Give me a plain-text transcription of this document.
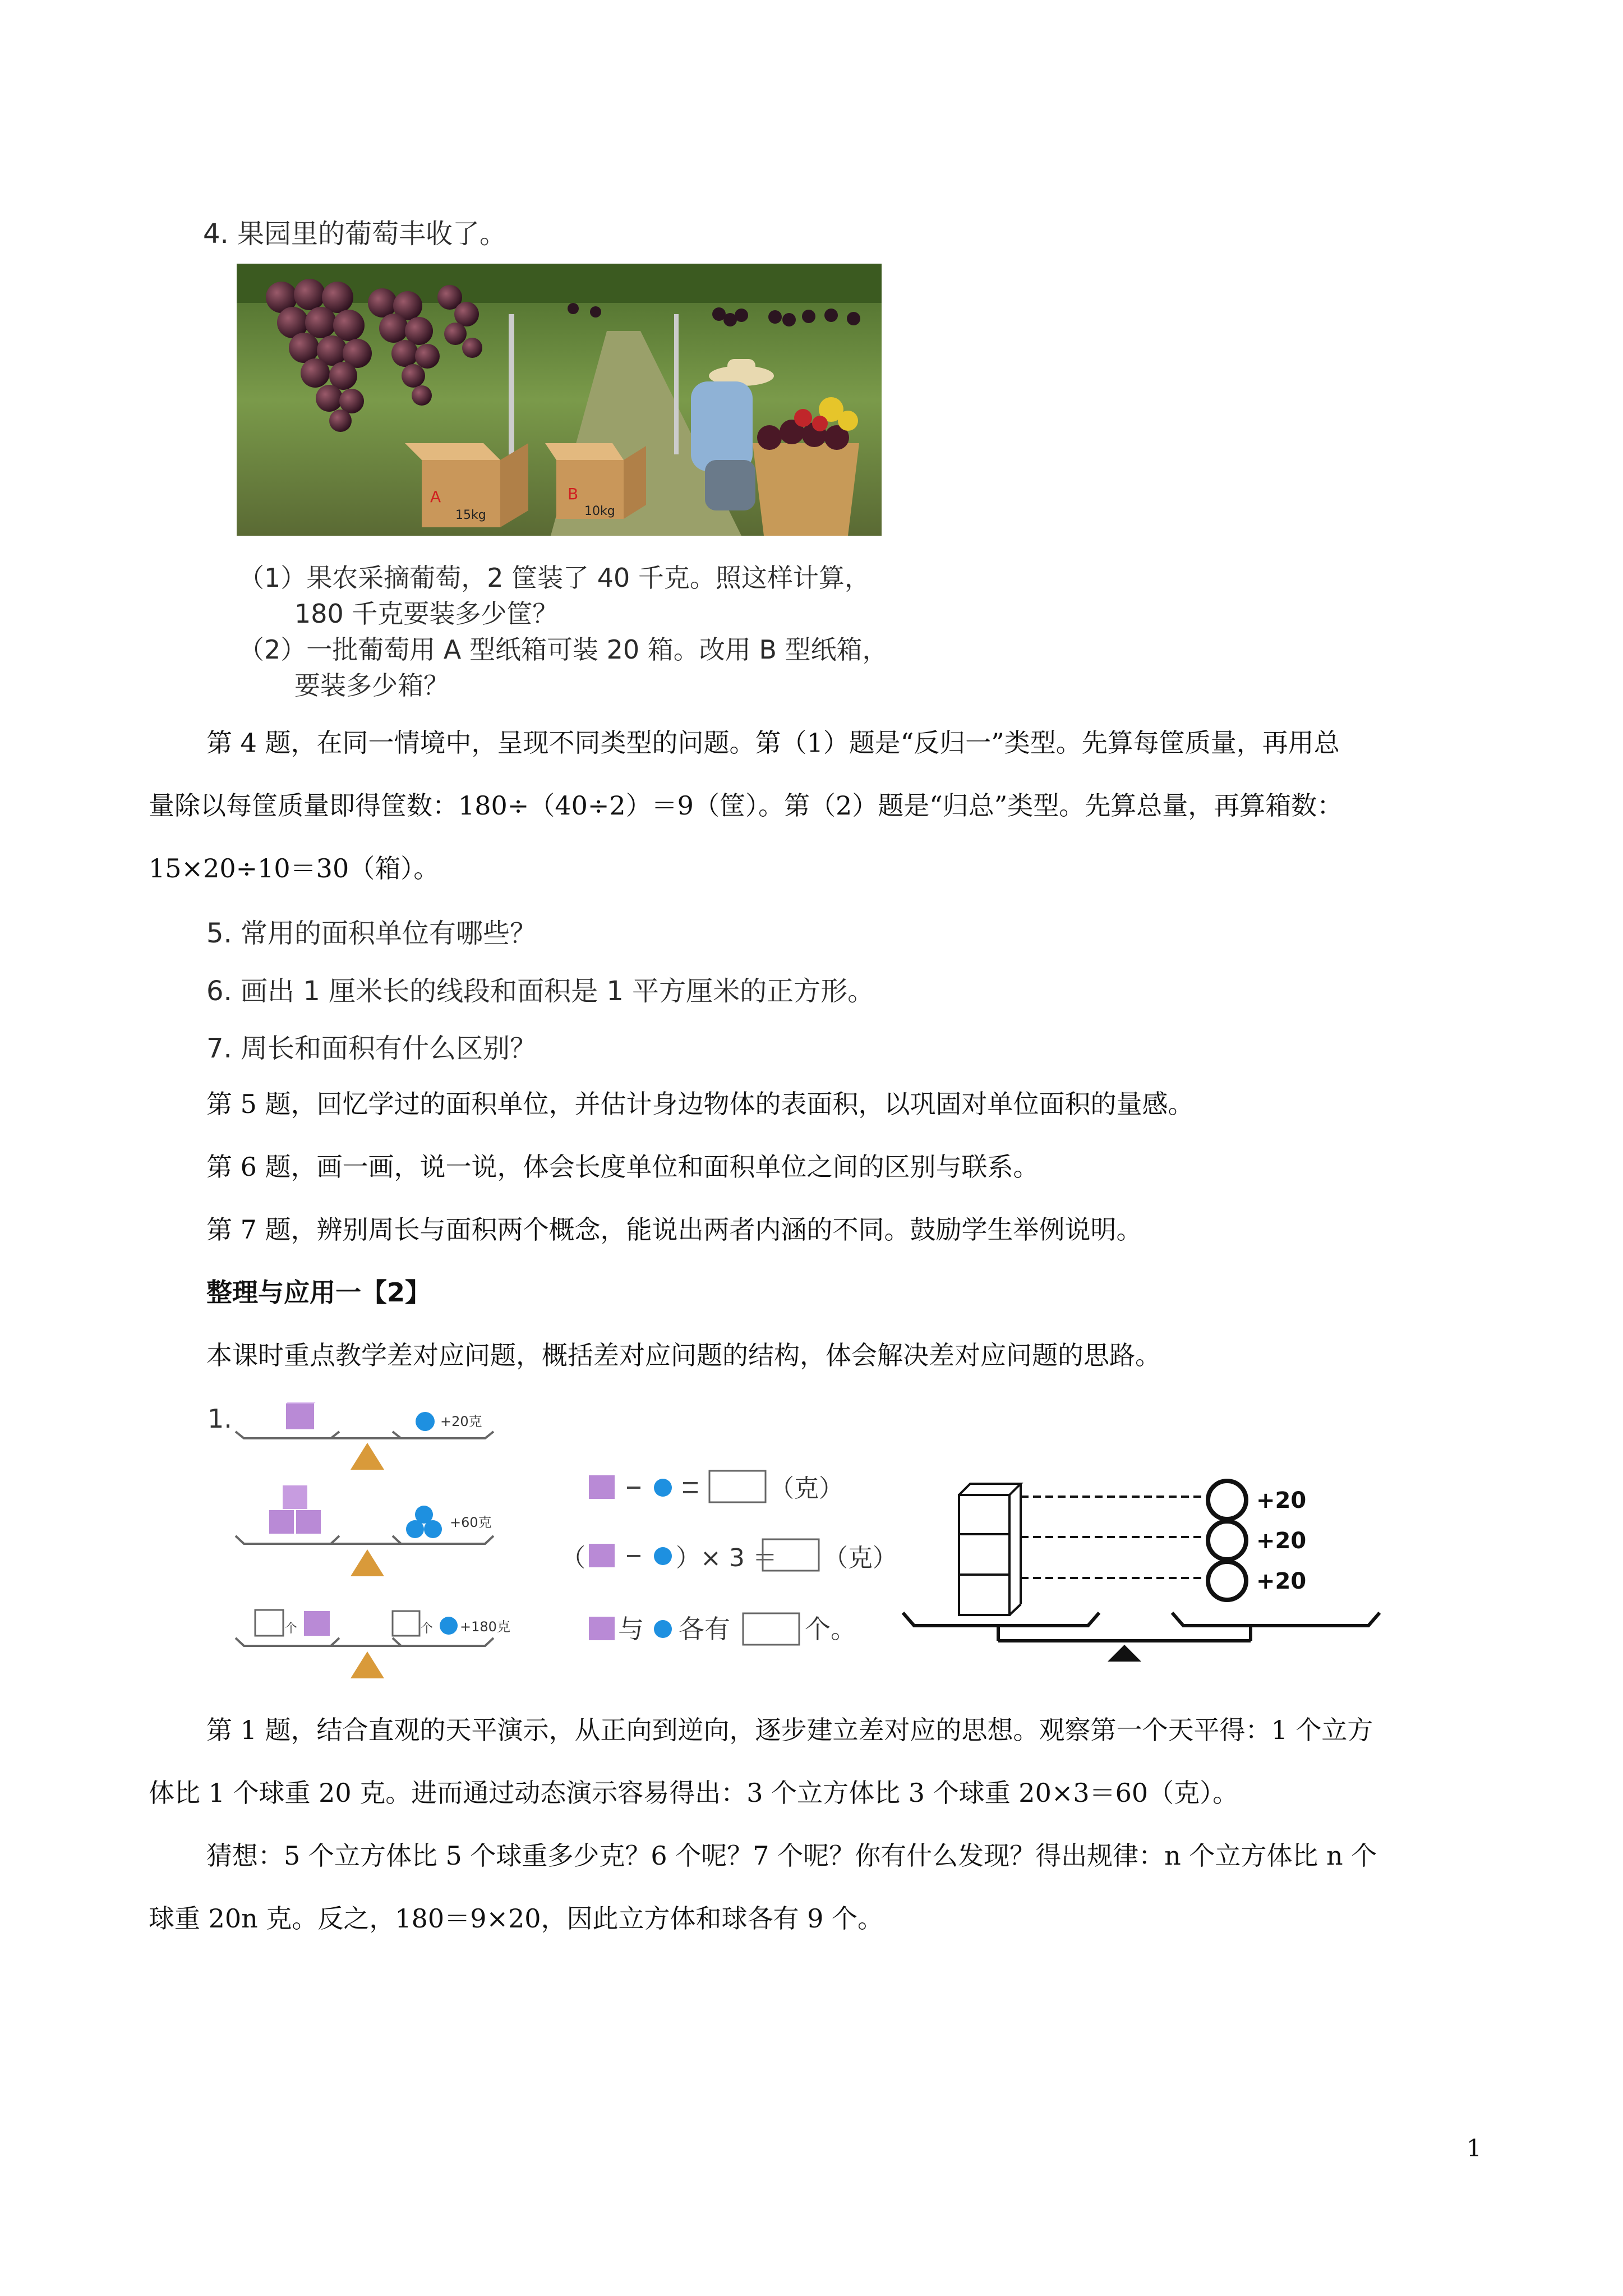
4. 果园里的葡萄丰收了。
A
15kg
B
10kg
（1）果农采摘葡萄，2 筐装了 40 千克。照这样计算，
180 千克要装多少筐？
（2）一批葡萄用 A 型纸箱可装 20 箱。改用 B 型纸箱，
要装多少箱？
第 4 题，在同一情境中，呈现不同类型的问题。第（1）题是“反归一”类型。先算每筐质量，再用总
量除以每筐质量即得筐数：180÷（40÷2）＝9（筐）。第（2）题是“归总”类型。先算总量，再算箱数：
15×20÷10＝30（箱）。
5. 常用的面积单位有哪些？
6. 画出 1 厘米长的线段和面积是 1 平方厘米的正方形。
7. 周长和面积有什么区别？
第 5 题，回忆学过的面积单位，并估计身边物体的表面积，以巩固对单位面积的量感。
第 6 题，画一画，说一说，体会长度单位和面积单位之间的区别与联系。
第 7 题，辨别周长与面积两个概念，能说出两者内涵的不同。鼓励学生举例说明。
整理与应用一【2】
本课时重点教学差对应问题，概括差对应问题的结构，体会解决差对应问题的思路。
1.	+20克
+60克
个	个 +180克
（克）
（	）× 3 ＝ （克）
与 各有	个。
+20
+20
+20
第 1 题，结合直观的天平演示，从正向到逆向，逐步建立差对应的思想。观察第一个天平得：1 个立方
体比 1 个球重 20 克。进而通过动态演示容易得出：3 个立方体比 3 个球重 20×3＝60（克）。
猜想：5 个立方体比 5 个球重多少克？6 个呢？7 个呢？你有什么发现？得出规律：n 个立方体比 n 个
球重 20n 克。反之，180＝9×20，因此立方体和球各有 9 个。
1
